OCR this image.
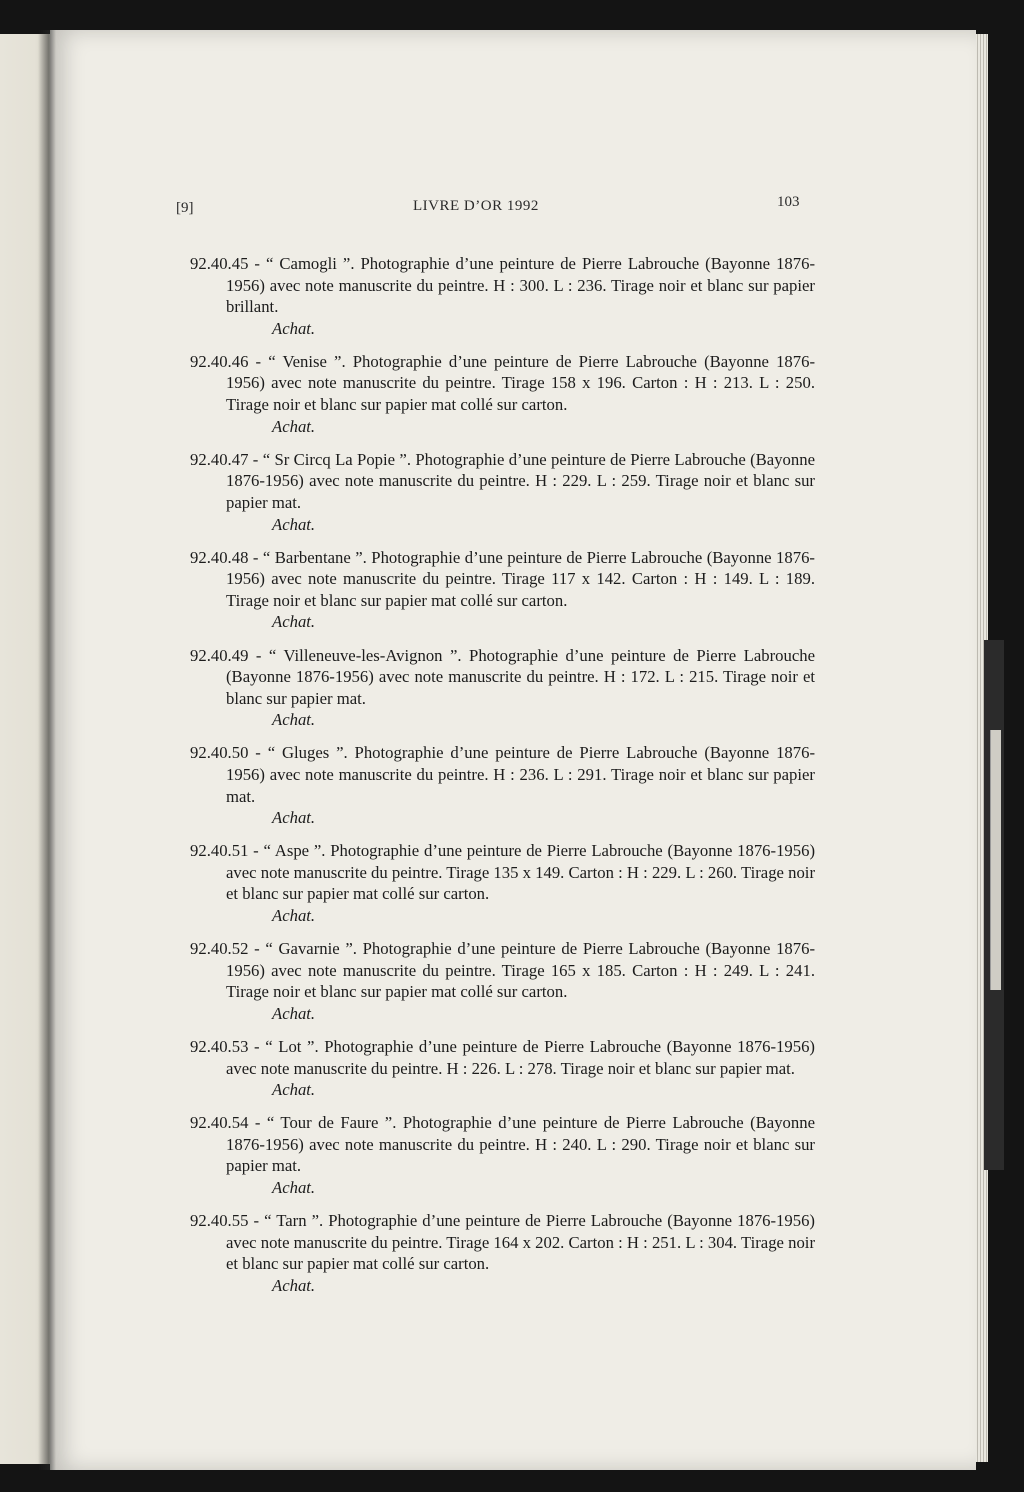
[9]	LIVRE D’OR 1992	103
92.40.45 - “ Camogli ”. Photographie d’une peinture de Pierre Labrouche (Bayonne 1876-1956) avec note manuscrite du peintre. H : 300. L : 236. Tirage noir et blanc sur papier brillant.
Achat.
92.40.46 - “ Venise ”. Photographie d’une peinture de Pierre Labrouche (Bayonne 1876-1956) avec note manuscrite du peintre. Tirage 158 x 196. Carton : H : 213. L : 250. Tirage noir et blanc sur papier mat collé sur carton.
Achat.
92.40.47 - “ Sr Circq La Popie ”. Photographie d’une peinture de Pierre Labrouche (Bayonne 1876-1956) avec note manuscrite du peintre. H : 229. L : 259. Tirage noir et blanc sur papier mat.
Achat.
92.40.48 - “ Barbentane ”. Photographie d’une peinture de Pierre Labrouche (Bayonne 1876-1956) avec note manuscrite du peintre. Tirage 117 x 142. Carton : H : 149. L : 189. Tirage noir et blanc sur papier mat collé sur carton.
Achat.
92.40.49 - “ Villeneuve-les-Avignon ”. Photographie d’une peinture de Pierre Labrouche (Bayonne 1876-1956) avec note manuscrite du peintre. H : 172. L : 215. Tirage noir et blanc sur papier mat.
Achat.
92.40.50 - “ Gluges ”. Photographie d’une peinture de Pierre Labrouche (Bayonne 1876-1956) avec note manuscrite du peintre. H : 236. L : 291. Tirage noir et blanc sur papier mat.
Achat.
92.40.51 - “ Aspe ”. Photographie d’une peinture de Pierre Labrouche (Bayonne 1876-1956) avec note manuscrite du peintre. Tirage 135 x 149. Carton : H : 229. L : 260. Tirage noir et blanc sur papier mat collé sur carton.
Achat.
92.40.52 - “ Gavarnie ”. Photographie d’une peinture de Pierre Labrouche (Bayonne 1876-1956) avec note manuscrite du peintre. Tirage 165 x 185. Carton : H : 249. L : 241. Tirage noir et blanc sur papier mat collé sur carton.
Achat.
92.40.53 - “ Lot ”. Photographie d’une peinture de Pierre Labrouche (Bayonne 1876-1956) avec note manuscrite du peintre. H : 226. L : 278. Tirage noir et blanc sur papier mat.
Achat.
92.40.54 - “ Tour de Faure ”. Photographie d’une peinture de Pierre Labrouche (Bayonne 1876-1956) avec note manuscrite du peintre. H : 240. L : 290. Tirage noir et blanc sur papier mat.
Achat.
92.40.55 - “ Tarn ”. Photographie d’une peinture de Pierre Labrouche (Bayonne 1876-1956) avec note manuscrite du peintre. Tirage 164 x 202. Carton : H : 251. L : 304. Tirage noir et blanc sur papier mat collé sur carton.
Achat.
